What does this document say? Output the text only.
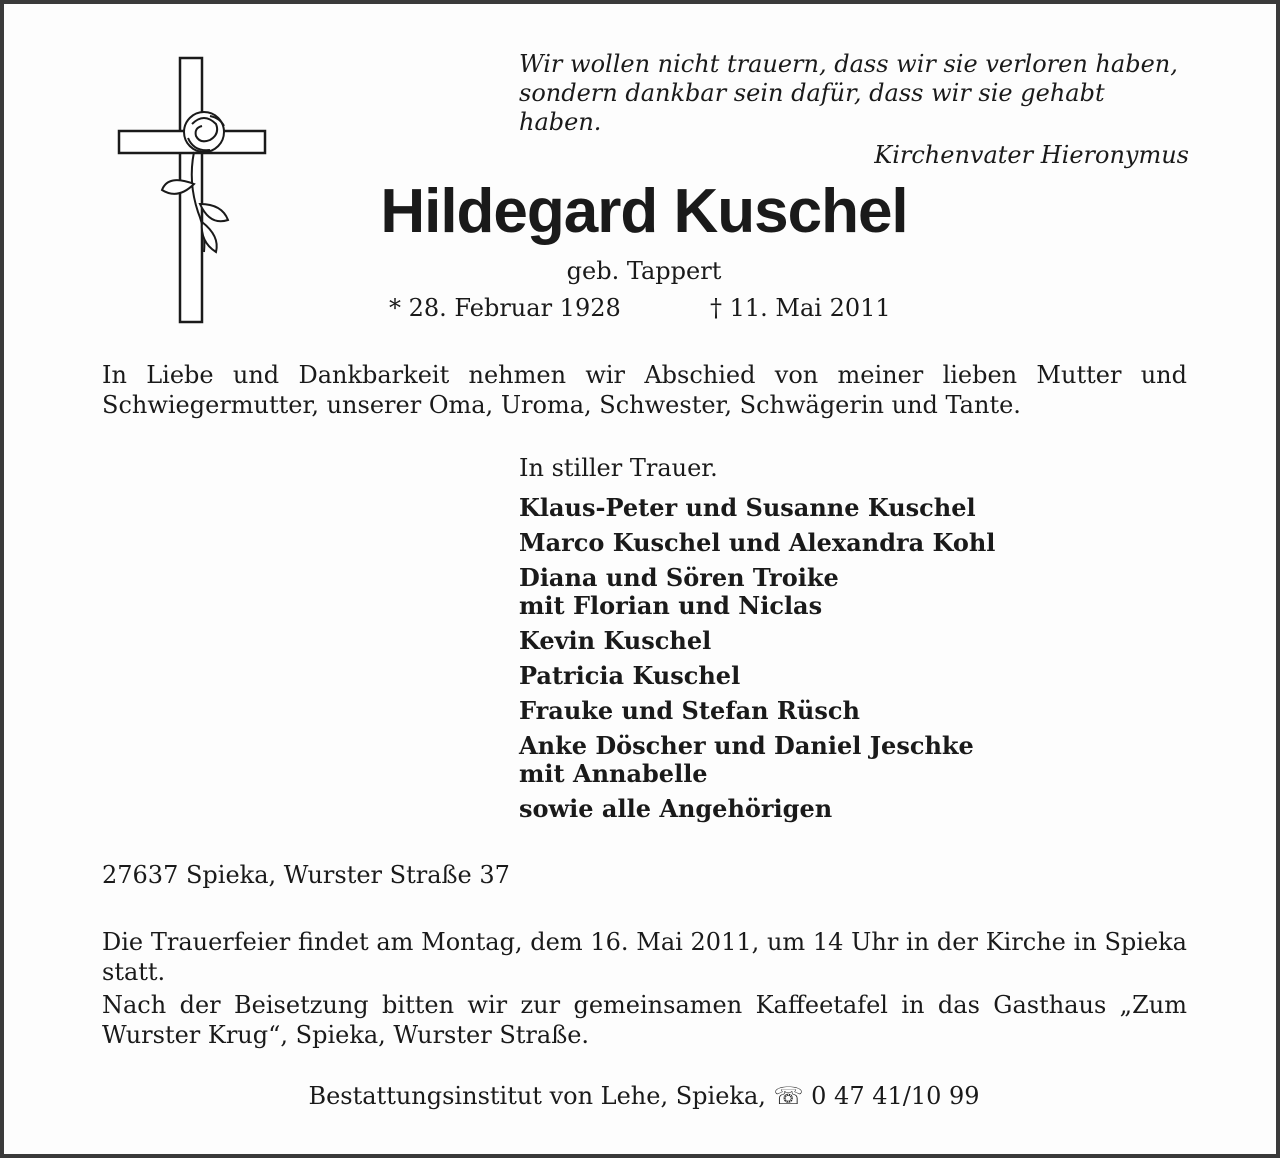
Wir wollen nicht trauern, dass wir sie verloren haben,
sondern dankbar sein dafür, dass wir sie gehabt haben.
Kirchenvater Hieronymus
Hildegard Kuschel
geb. Tappert
* 28. Februar 1928	† 11. Mai 2011
In Liebe und Dankbarkeit nehmen wir Abschied von meiner lieben Mutter und Schwiegermutter, unserer Oma, Uroma, Schwester, Schwägerin und Tante.
In stiller Trauer.
Klaus-Peter und Susanne Kuschel
Marco Kuschel und Alexandra Kohl
Diana und Sören Troike
mit Florian und Niclas
Kevin Kuschel
Patricia Kuschel
Frauke und Stefan Rüsch
Anke Döscher und Daniel Jeschke
mit Annabelle
sowie alle Angehörigen
27637 Spieka, Wurster Straße 37
Die Trauerfeier findet am Montag, dem 16. Mai 2011, um 14 Uhr in der Kirche in Spieka statt.
Nach der Beisetzung bitten wir zur gemeinsamen Kaffeetafel in das Gasthaus „Zum Wurster Krug“, Spieka, Wurster Straße.
Bestattungsinstitut von Lehe, Spieka, ☏ 0 47 41/10 99
